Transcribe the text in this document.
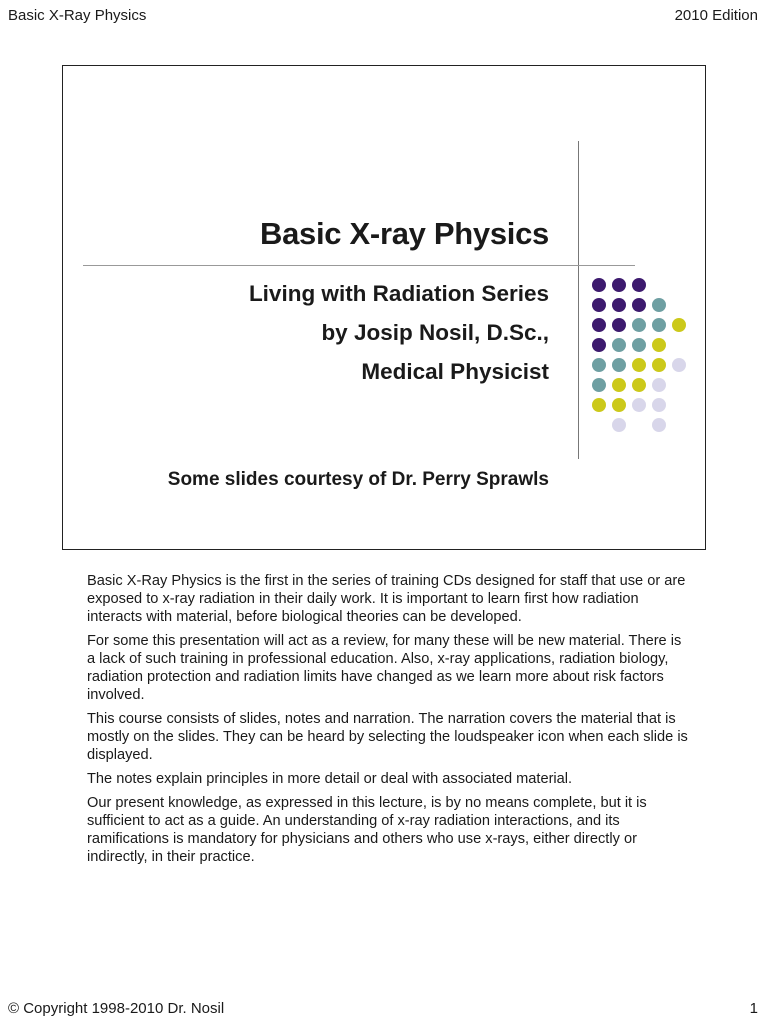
Basic X-Ray Physics	2010 Edition
Basic X-ray Physics
Living with Radiation Series
by Josip Nosil, D.Sc.,
Medical Physicist
Some slides courtesy of Dr. Perry Sprawls

Basic X-Ray Physics is the first in the series of training CDs designed for staff that use or are exposed to x-ray radiation in their daily work. It is important to learn first how radiation interacts with material, before biological theories can be developed.

For some this presentation will act as a review, for many these will be new material. There is a lack of such training in professional education. Also, x-ray applications, radiation biology, radiation protection and radiation limits have changed as we learn more about risk factors involved.

This course consists of slides, notes and narration. The narration covers the material that is mostly on the slides. They can be heard by selecting the loudspeaker icon when each slide is displayed.

The notes explain principles in more detail or deal with associated material.

Our present knowledge, as expressed in this lecture, is by no means complete, but it is sufficient to act as a guide. An understanding of x-ray radiation interactions, and its ramifications is mandatory for physicians and others who use x-rays, either directly or indirectly, in their practice.

© Copyright 1998-2010 Dr. Nosil	1
